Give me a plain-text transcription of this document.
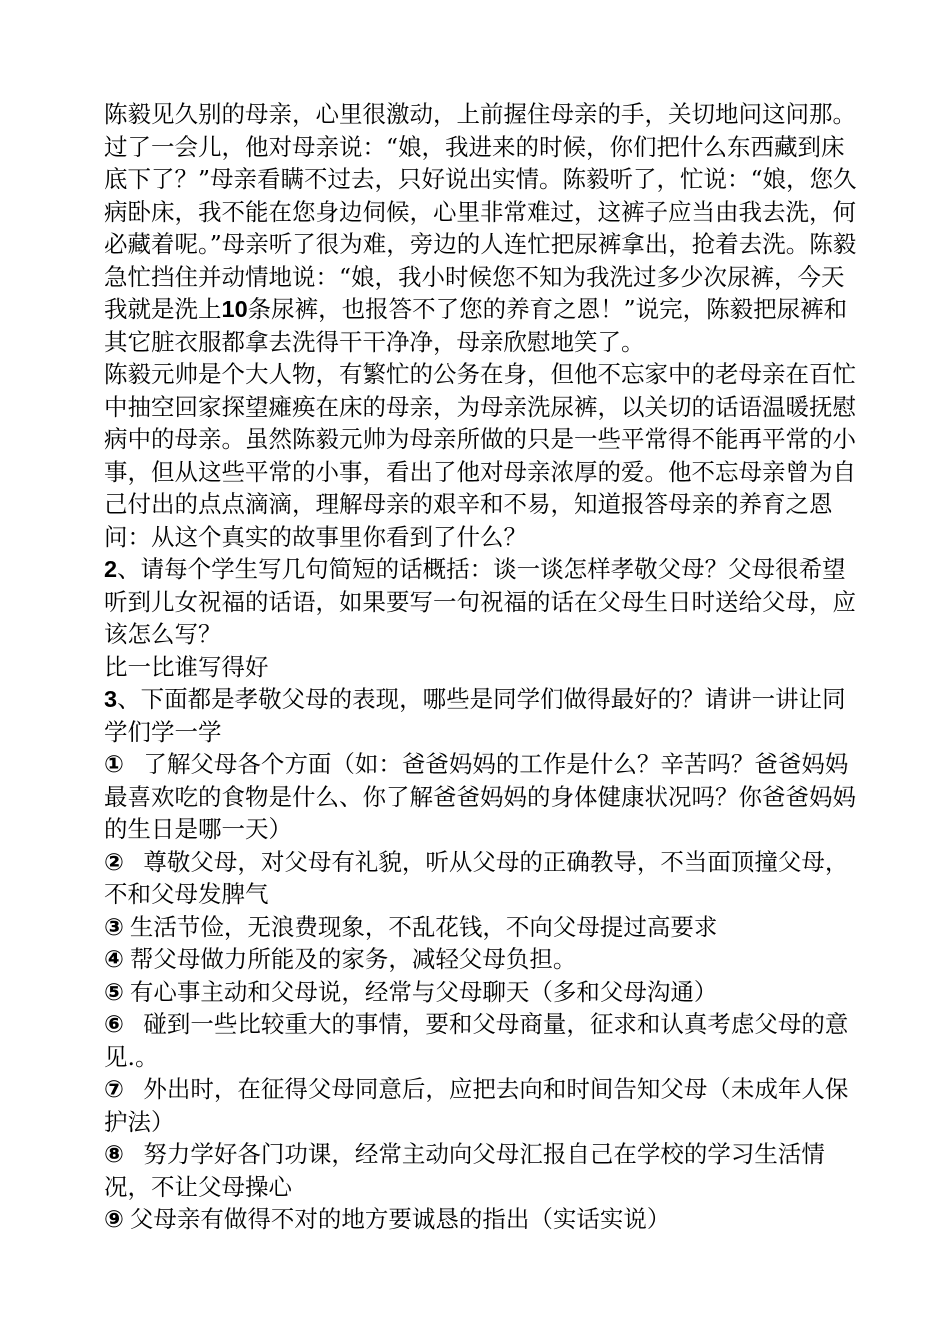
陈毅见久别的母亲，心里很激动，上前握住母亲的手，关切地问这问那。过了一会儿，他对母亲说：“娘，我进来的时候，你们把什么东西藏到床底下了？”母亲看瞒不过去，只好说出实情。陈毅听了，忙说：“娘，您久病卧床，我不能在您身边伺候，心里非常难过，这裤子应当由我去洗，何必藏着呢。”母亲听了很为难，旁边的人连忙把尿裤拿出，抢着去洗。陈毅急忙挡住并动情地说：“娘，我小时候您不知为我洗过多少次尿裤，今天我就是洗上10条尿裤，也报答不了您的养育之恩！”说完，陈毅把尿裤和其它脏衣服都拿去洗得干干净净，母亲欣慰地笑了。

陈毅元帅是个大人物，有繁忙的公务在身，但他不忘家中的老母亲在百忙中抽空回家探望瘫痪在床的母亲，为母亲洗尿裤，以关切的话语温暖抚慰病中的母亲。虽然陈毅元帅为母亲所做的只是一些平常得不能再平常的小事，但从这些平常的小事，看出了他对母亲浓厚的爱。他不忘母亲曾为自己付出的点点滴滴，理解母亲的艰辛和不易，知道报答母亲的养育之恩

问：从这个真实的故事里你看到了什么？

2、请每个学生写几句简短的话概括：谈一谈怎样孝敬父母？父母很希望听到儿女祝福的话语，如果要写一句祝福的话在父母生日时送给父母，应该怎么写？

比一比谁写得好

3、下面都是孝敬父母的表现，哪些是同学们做得最好的？请讲一讲让同学们学一学

① 了解父母各个方面（如：爸爸妈妈的工作是什么？辛苦吗？爸爸妈妈最喜欢吃的食物是什么、你了解爸爸妈妈的身体健康状况吗？你爸爸妈妈的生日是哪一天）

② 尊敬父母，对父母有礼貌，听从父母的正确教导，不当面顶撞父母，不和父母发脾气

③ 生活节俭，无浪费现象，不乱花钱，不向父母提过高要求

④ 帮父母做力所能及的家务，减轻父母负担。

⑤ 有心事主动和父母说，经常与父母聊天（多和父母沟通）

⑥ 碰到一些比较重大的事情，要和父母商量，征求和认真考虑父母的意见.。

⑦ 外出时，在征得父母同意后，应把去向和时间告知父母（未成年人保护法）

⑧ 努力学好各门功课，经常主动向父母汇报自己在学校的学习生活情况，不让父母操心

⑨ 父母亲有做得不对的地方要诚恳的指出（实话实说）
